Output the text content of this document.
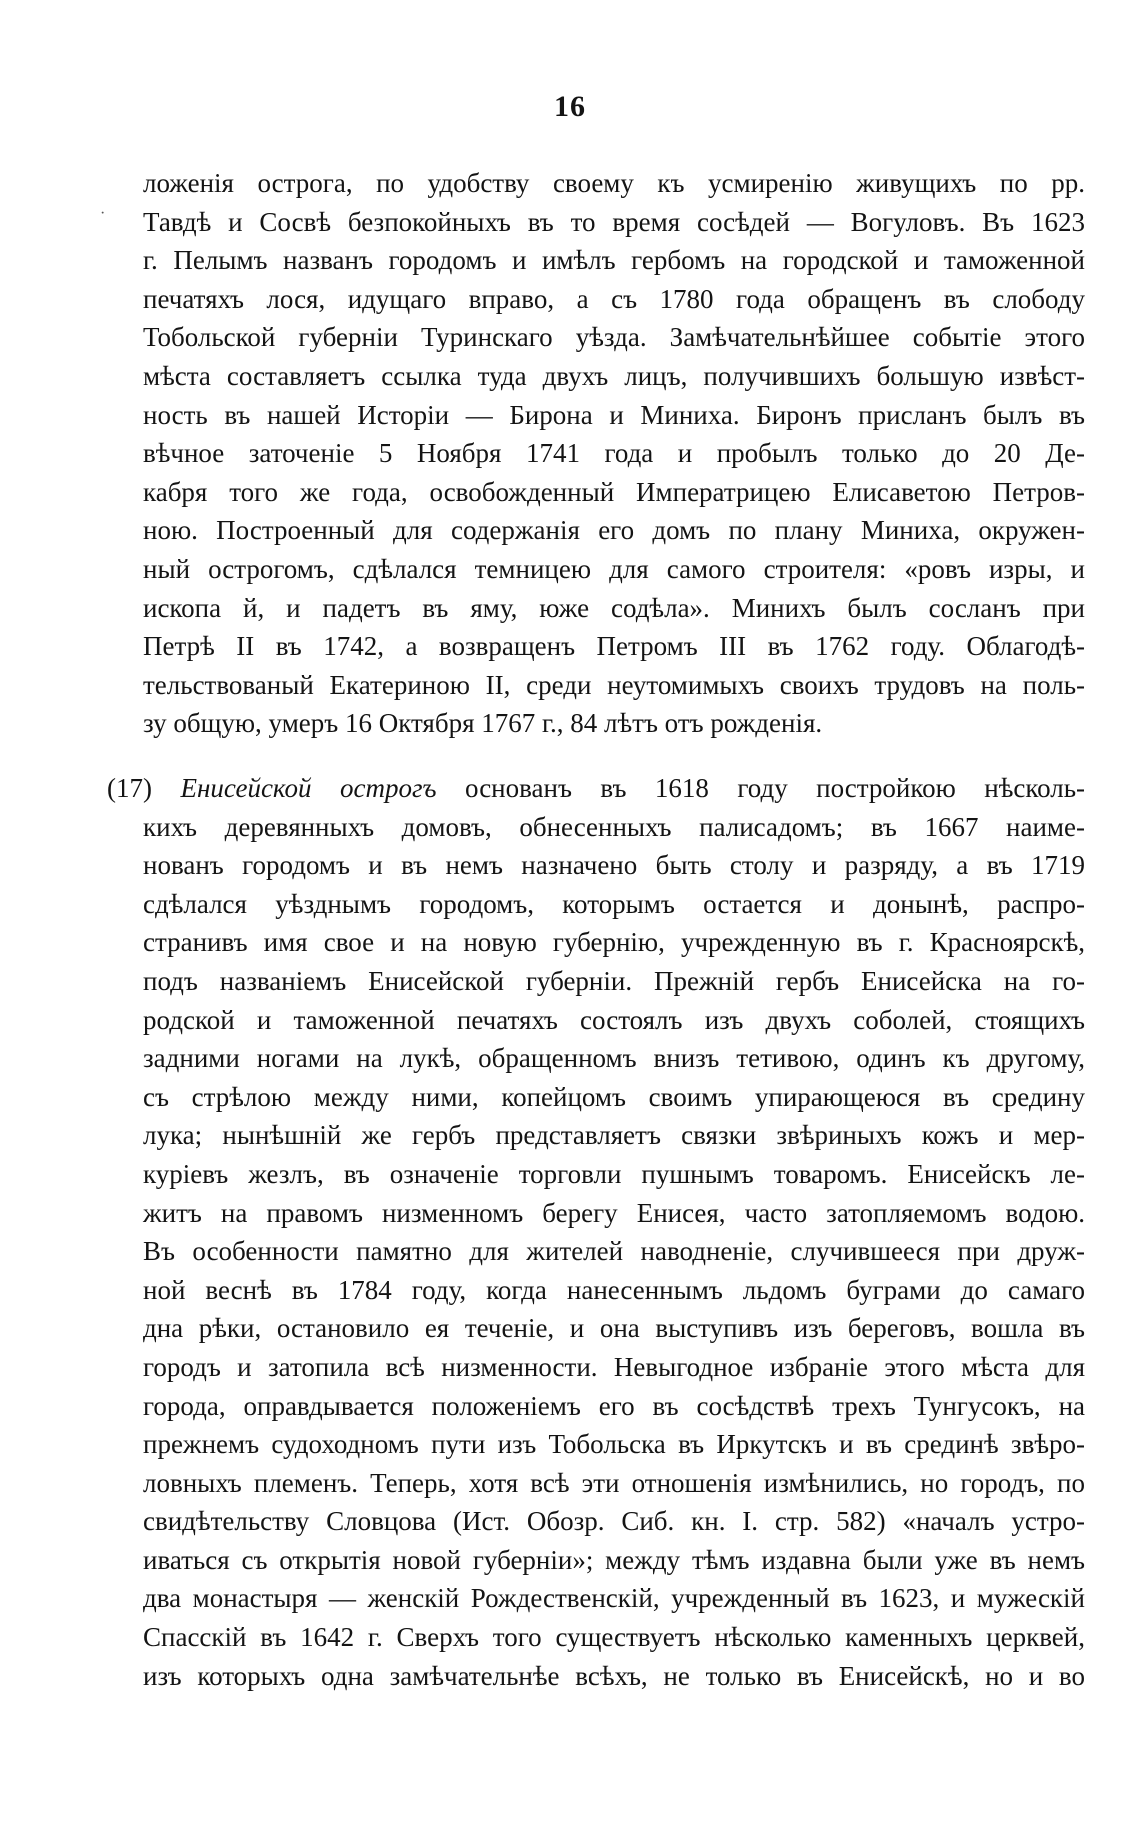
16
·
ложенія острога, по удобству своему къ усмиренію живущихъ по рр.
Тавдѣ и Сосвѣ безпокойныхъ въ то время сосѣдей — Вогуловъ. Въ 1623
г. Пелымъ названъ городомъ и имѣлъ гербомъ на городской и таможенной
печатяхъ лося, идущаго вправо, а съ 1780 года обращенъ въ слободу
Тобольской губерніи Туринскаго уѣзда. Замѣчательнѣйшее событіе этого
мѣста составляетъ ссылка туда двухъ лицъ, получившихъ большую извѣст-
ность въ нашей Исторіи — Бирона и Миниха. Биронъ присланъ былъ въ
вѣчное заточеніе 5 Ноября 1741 года и пробылъ только до 20 Де-
кабря того же года, освобожденный Императрицею Елисаветою Петров-
ною. Построенный для содержанія его домъ по плану Миниха, окружен-
ный острогомъ, сдѣлался темницею для самого строителя: «ровъ изры, и
ископа й, и падетъ въ яму, юже содѣла». Минихъ былъ сосланъ при
Петрѣ II въ 1742, а возвращенъ Петромъ III въ 1762 году. Облагодѣ-
тельствованый Екатериною II, среди неутомимыхъ своихъ трудовъ на поль-
зу общую, умеръ 16 Октября 1767 г., 84 лѣтъ отъ рожденія.
(17) Енисейской острогъ основанъ въ 1618 году постройкою нѣсколь-
кихъ деревянныхъ домовъ, обнесенныхъ палисадомъ; въ 1667 наиме-
нованъ городомъ и въ немъ назначено быть столу и разряду, а въ 1719
сдѣлался уѣзднымъ городомъ, которымъ остается и донынѣ, распро-
странивъ имя свое и на новую губернію, учрежденную въ г. Красноярскѣ,
подъ названіемъ Енисейской губерніи. Прежній гербъ Енисейска на го-
родской и таможенной печатяхъ состоялъ изъ двухъ соболей, стоящихъ
задними ногами на лукѣ, обращенномъ внизъ тетивою, одинъ къ другому,
съ стрѣлою между ними, копейцомъ своимъ упирающеюся въ средину
лука; нынѣшній же гербъ представляетъ связки звѣриныхъ кожъ и мер-
куріевъ жезлъ, въ означеніе торговли пушнымъ товаромъ. Енисейскъ ле-
житъ на правомъ низменномъ берегу Енисея, часто затопляемомъ водою.
Въ особенности памятно для жителей наводненіе, случившееся при друж-
ной веснѣ въ 1784 году, когда нанесеннымъ льдомъ буграми до самаго
дна рѣки, остановило ея теченіе, и она выступивъ изъ береговъ, вошла въ
городъ и затопила всѣ низменности. Невыгодное избраніе этого мѣста для
города, оправдывается положеніемъ его въ сосѣдствѣ трехъ Тунгусокъ, на
прежнемъ судоходномъ пути изъ Тобольска въ Иркутскъ и въ срединѣ звѣро-
ловныхъ племенъ. Теперь, хотя всѣ эти отношенія измѣнились, но городъ, по
свидѣтельству Словцова (Ист. Обозр. Сиб. кн. I. стр. 582) «началъ устро-
иваться съ открытія новой губерніи»; между тѣмъ издавна были уже въ немъ
два монастыря — женскій Рождественскій, учрежденный въ 1623, и мужескій
Спасскій въ 1642 г. Сверхъ того существуетъ нѣсколько каменныхъ церквей,
изъ которыхъ одна замѣчательнѣе всѣхъ, не только въ Енисейскѣ, но и во
